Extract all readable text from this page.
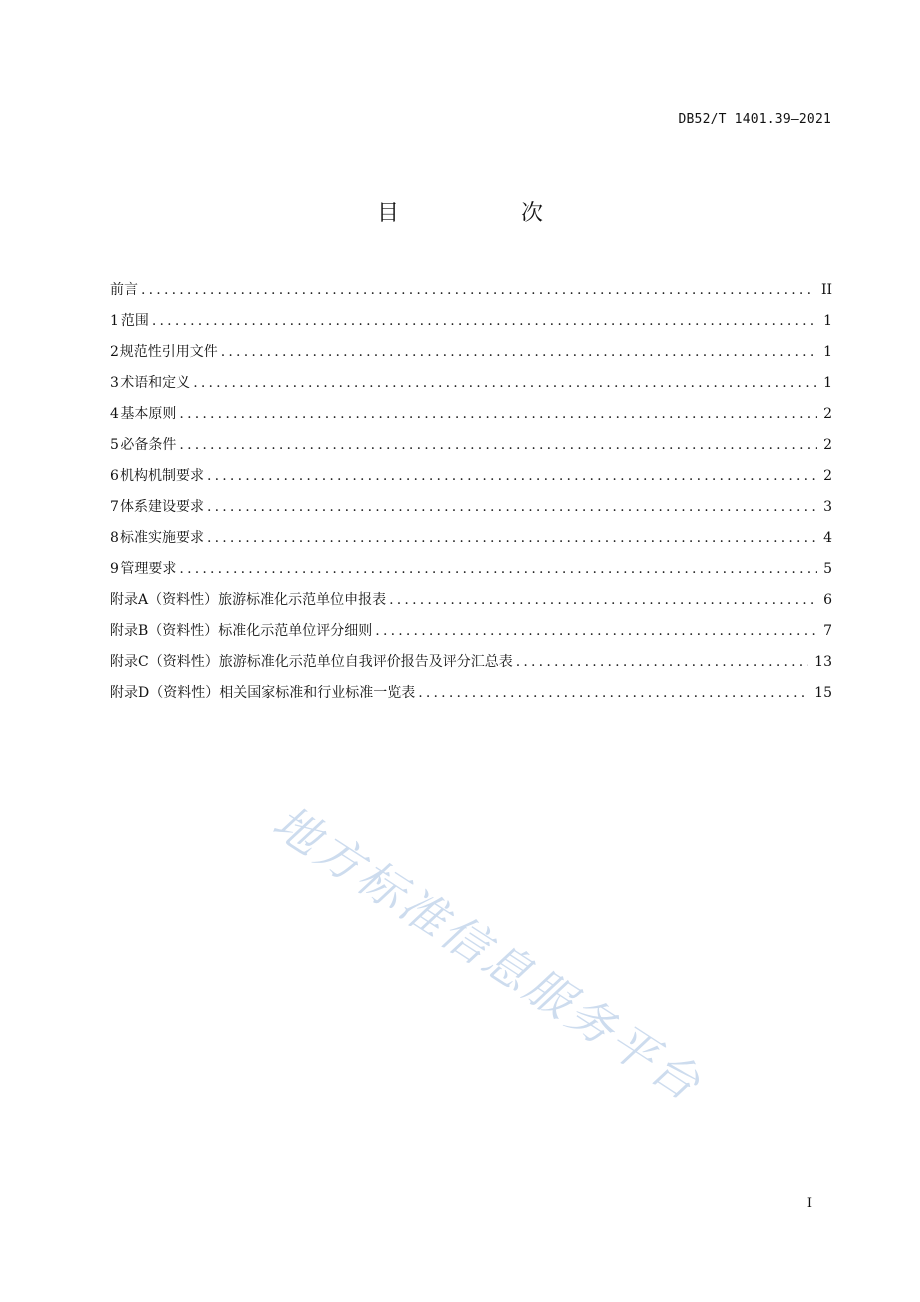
DB52/T 1401.39—2021
目　次
前言 .....	II
1 范围 .....	1
2 规范性引用文件 .....	1
3 术语和定义 .....	1
4 基本原则 .....	2
5 必备条件 .....	2
6 机构机制要求 .....	2
7 体系建设要求 .....	3
8 标准实施要求 .....	4
9 管理要求 .....	5
附录A（资料性） 旅游标准化示范单位申报表 .....	6
附录B（资料性） 标准化示范单位评分细则 .....	7
附录C（资料性） 旅游标准化示范单位自我评价报告及评分汇总表 .....	13
附录D（资料性） 相关国家标准和行业标准一览表 .....	15
地方标准信息服务平台
I
